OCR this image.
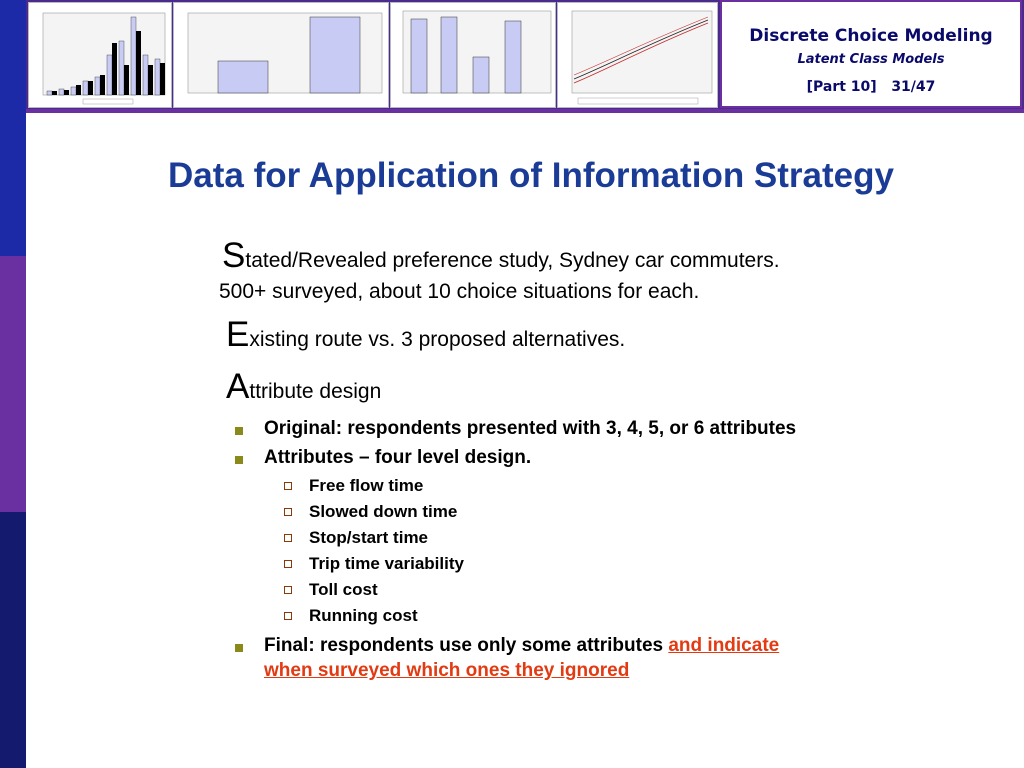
Discrete Choice Modeling
Latent Class Models
[Part 10] 31/47
Data for Application of Information Strategy
Stated/Revealed preference study, Sydney car commuters.
500+ surveyed, about 10 choice situations for each.
Existing route vs. 3 proposed alternatives.
Attribute design
Original: respondents presented with 3, 4, 5, or 6 attributes
Attributes – four level design.
Free flow time
Slowed down time
Stop/start time
Trip time variability
Toll cost
Running cost
Final: respondents use only some attributes and indicate
when surveyed which ones they ignored
